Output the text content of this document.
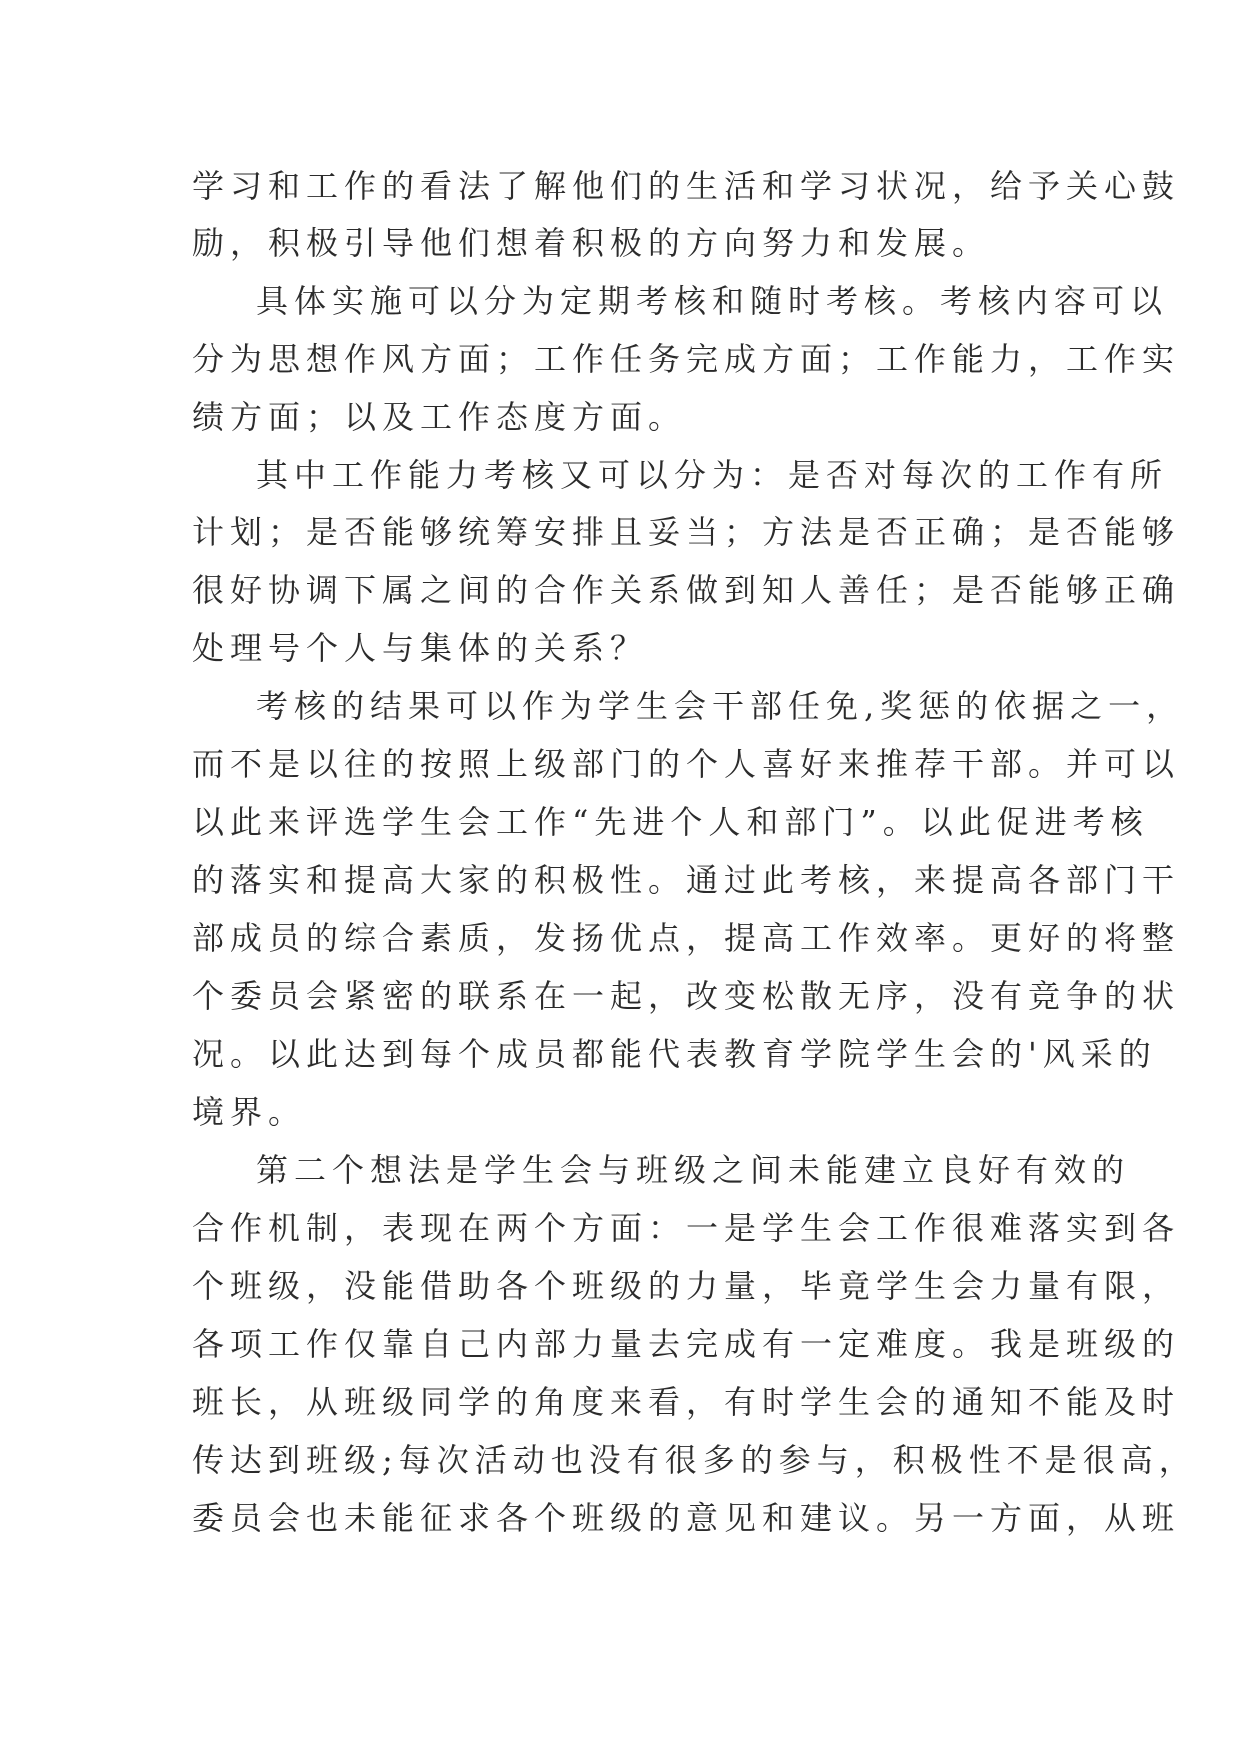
学习和工作的看法了解他们的生活和学习状况，给予关心鼓
励，积极引导他们想着积极的方向努力和发展。
具体实施可以分为定期考核和随时考核。考核内容可以
分为思想作风方面；工作任务完成方面；工作能力，工作实
绩方面；以及工作态度方面。
其中工作能力考核又可以分为：是否对每次的工作有所
计划；是否能够统筹安排且妥当；方法是否正确；是否能够
很好协调下属之间的合作关系做到知人善任；是否能够正确
处理号个人与集体的关系？
考核的结果可以作为学生会干部任免,奖惩的依据之一，
而不是以往的按照上级部门的个人喜好来推荐干部。并可以
以此来评选学生会工作“先进个人和部门”。以此促进考核
的落实和提高大家的积极性。通过此考核，来提高各部门干
部成员的综合素质，发扬优点，提高工作效率。更好的将整
个委员会紧密的联系在一起，改变松散无序，没有竞争的状
况。以此达到每个成员都能代表教育学院学生会的'风采的
境界。
第二个想法是学生会与班级之间未能建立良好有效的
合作机制，表现在两个方面：一是学生会工作很难落实到各
个班级，没能借助各个班级的力量，毕竟学生会力量有限，
各项工作仅靠自己内部力量去完成有一定难度。我是班级的
班长，从班级同学的角度来看，有时学生会的通知不能及时
传达到班级;每次活动也没有很多的参与，积极性不是很高，
委员会也未能征求各个班级的意见和建议。另一方面，从班
